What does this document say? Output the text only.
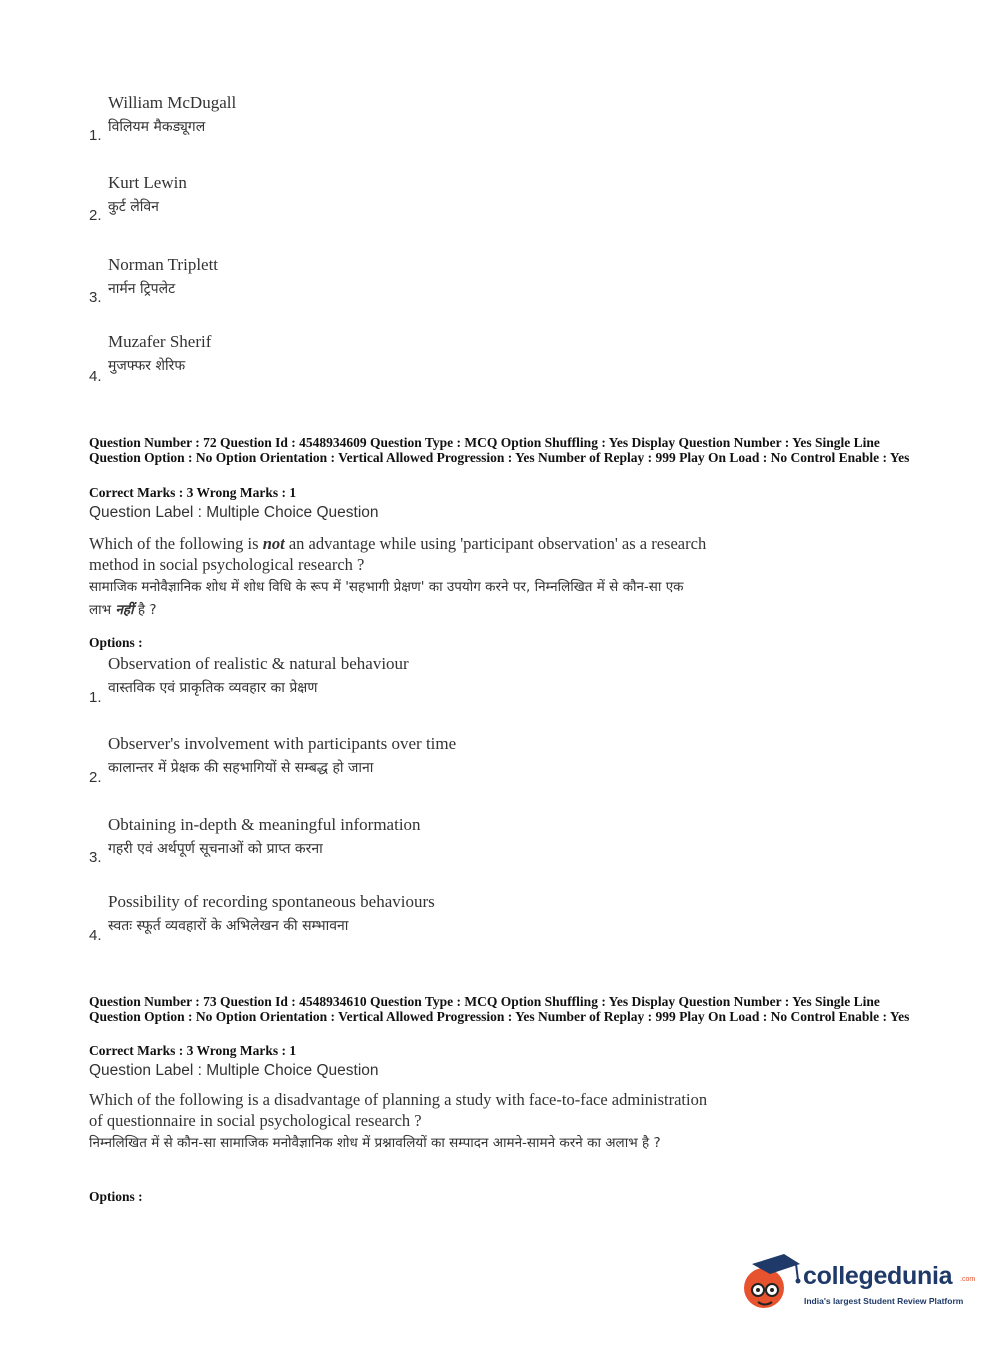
William McDugall
विलियम मैकड्यूगल
1.
Kurt Lewin
कुर्ट लेविन
2.
Norman Triplett
नार्मन ट्रिपलेट
3.
Muzafer Sherif
मुजफ्फर शेरिफ
4.
Question Number : 72 Question Id : 4548934609 Question Type : MCQ Option Shuffling : Yes Display Question Number : Yes Single Line Question Option : No Option Orientation : Vertical Allowed Progression : Yes Number of Replay : 999 Play On Load : No Control Enable : Yes
Correct Marks : 3 Wrong Marks : 1
Question Label : Multiple Choice Question
Which of the following is not an advantage while using 'participant observation' as a research method in social psychological research ?
सामाजिक मनोवैज्ञानिक शोध में शोध विधि के रूप में 'सहभागी प्रेक्षण' का उपयोग करने पर, निम्नलिखित में से कौन-सा एक लाभ नहीं है ?
Options :
Observation of realistic & natural behaviour
वास्तविक एवं प्राकृतिक व्यवहार का प्रेक्षण
1.
Observer's involvement with participants over time
कालान्तर में प्रेक्षक की सहभागियों से सम्बद्ध हो जाना
2.
Obtaining in-depth & meaningful information
गहरी एवं अर्थपूर्ण सूचनाओं को प्राप्त करना
3.
Possibility of recording spontaneous behaviours
स्वतः स्फूर्त व्यवहारों के अभिलेखन की सम्भावना
4.
Question Number : 73 Question Id : 4548934610 Question Type : MCQ Option Shuffling : Yes Display Question Number : Yes Single Line Question Option : No Option Orientation : Vertical Allowed Progression : Yes Number of Replay : 999 Play On Load : No Control Enable : Yes
Correct Marks : 3 Wrong Marks : 1
Question Label : Multiple Choice Question
Which of the following is a disadvantage of planning a study with face-to-face administration of questionnaire in social psychological research ?
निम्नलिखित में से कौन-सा सामाजिक मनोवैज्ञानिक शोध में प्रश्नावलियों का सम्पादन आमने-सामने करने का अलाभ है ?
Options :
collegedunia .com
India's largest Student Review Platform
